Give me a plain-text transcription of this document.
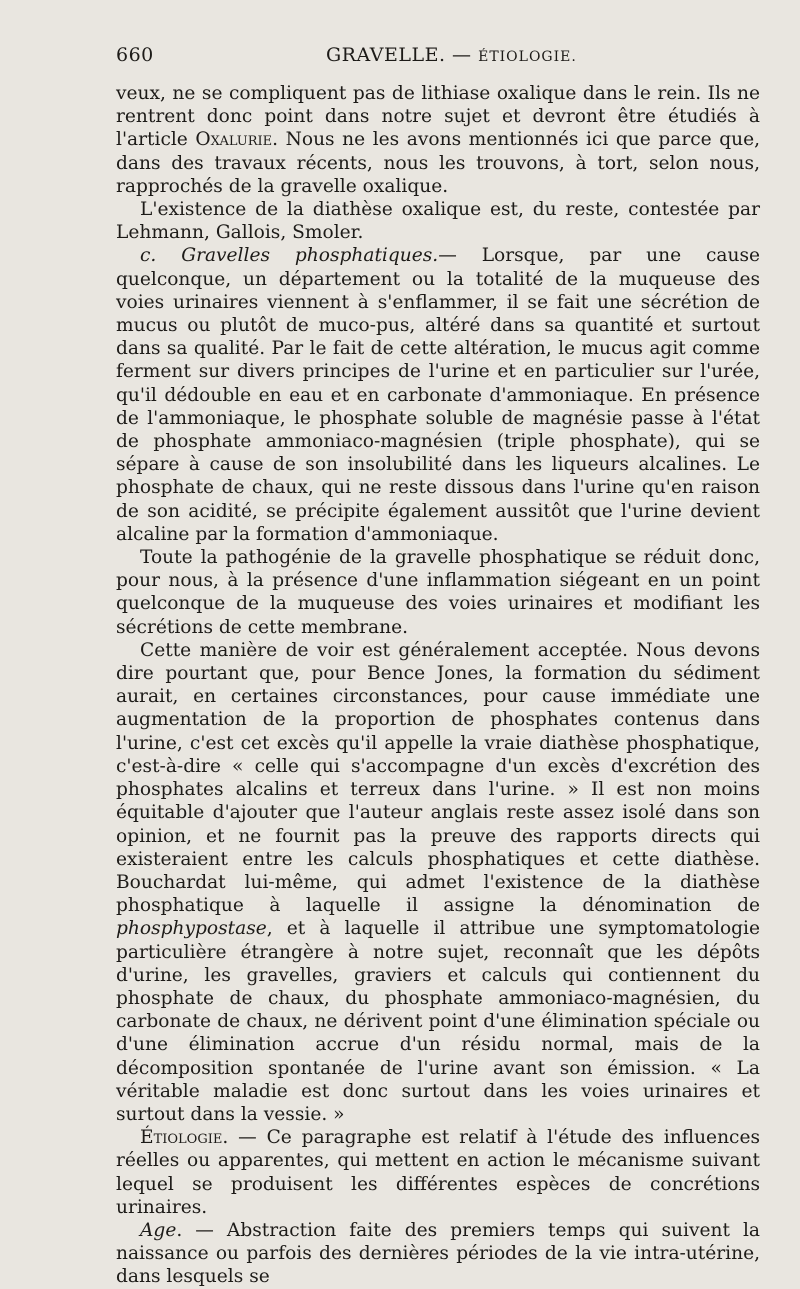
660	GRAVELLE. — ÉTIOLOGIE.

veux, ne se compliquent pas de lithiase oxalique dans le rein. Ils ne rentrent donc point dans notre sujet et devront être étudiés à l'article Oxalurie. Nous ne les avons mentionnés ici que parce que, dans des travaux récents, nous les trouvons, à tort, selon nous, rapprochés de la gravelle oxalique.

L'existence de la diathèse oxalique est, du reste, contestée par Lehmann, Gallois, Smoler.

c. Gravelles phosphatiques.— Lorsque, par une cause quelconque, un département ou la totalité de la muqueuse des voies urinaires viennent à s'enflammer, il se fait une sécrétion de mucus ou plutôt de muco-pus, altéré dans sa quantité et surtout dans sa qualité. Par le fait de cette altération, le mucus agit comme ferment sur divers principes de l'urine et en particulier sur l'urée, qu'il dédouble en eau et en carbonate d'ammoniaque. En présence de l'ammoniaque, le phosphate soluble de magnésie passe à l'état de phosphate ammoniaco-magnésien (triple phosphate), qui se sépare à cause de son insolubilité dans les liqueurs alcalines. Le phosphate de chaux, qui ne reste dissous dans l'urine qu'en raison de son acidité, se précipite également aussitôt que l'urine devient alcaline par la formation d'ammoniaque.

Toute la pathogénie de la gravelle phosphatique se réduit donc, pour nous, à la présence d'une inflammation siégeant en un point quelconque de la muqueuse des voies urinaires et modifiant les sécrétions de cette membrane.

Cette manière de voir est généralement acceptée. Nous devons dire pourtant que, pour Bence Jones, la formation du sédiment aurait, en certaines circonstances, pour cause immédiate une augmentation de la proportion de phosphates contenus dans l'urine, c'est cet excès qu'il appelle la vraie diathèse phosphatique, c'est-à-dire « celle qui s'accompagne d'un excès d'excrétion des phosphates alcalins et terreux dans l'urine. » Il est non moins équitable d'ajouter que l'auteur anglais reste assez isolé dans son opinion, et ne fournit pas la preuve des rapports directs qui existeraient entre les calculs phosphatiques et cette diathèse. Bouchardat lui-même, qui admet l'existence de la diathèse phosphatique à laquelle il assigne la dénomination de phosphypostase, et à laquelle il attribue une symptomatologie particulière étrangère à notre sujet, reconnaît que les dépôts d'urine, les gravelles, graviers et calculs qui contiennent du phosphate de chaux, du phosphate ammoniaco-magnésien, du carbonate de chaux, ne dérivent point d'une élimination spéciale ou d'une élimination accrue d'un résidu normal, mais de la décomposition spontanée de l'urine avant son émission. « La véritable maladie est donc surtout dans les voies urinaires et surtout dans la vessie. »

Étiologie. — Ce paragraphe est relatif à l'étude des influences réelles ou apparentes, qui mettent en action le mécanisme suivant lequel se produisent les différentes espèces de concrétions urinaires.

Age. — Abstraction faite des premiers temps qui suivent la naissance ou parfois des dernières périodes de la vie intra-utérine, dans lesquels se
